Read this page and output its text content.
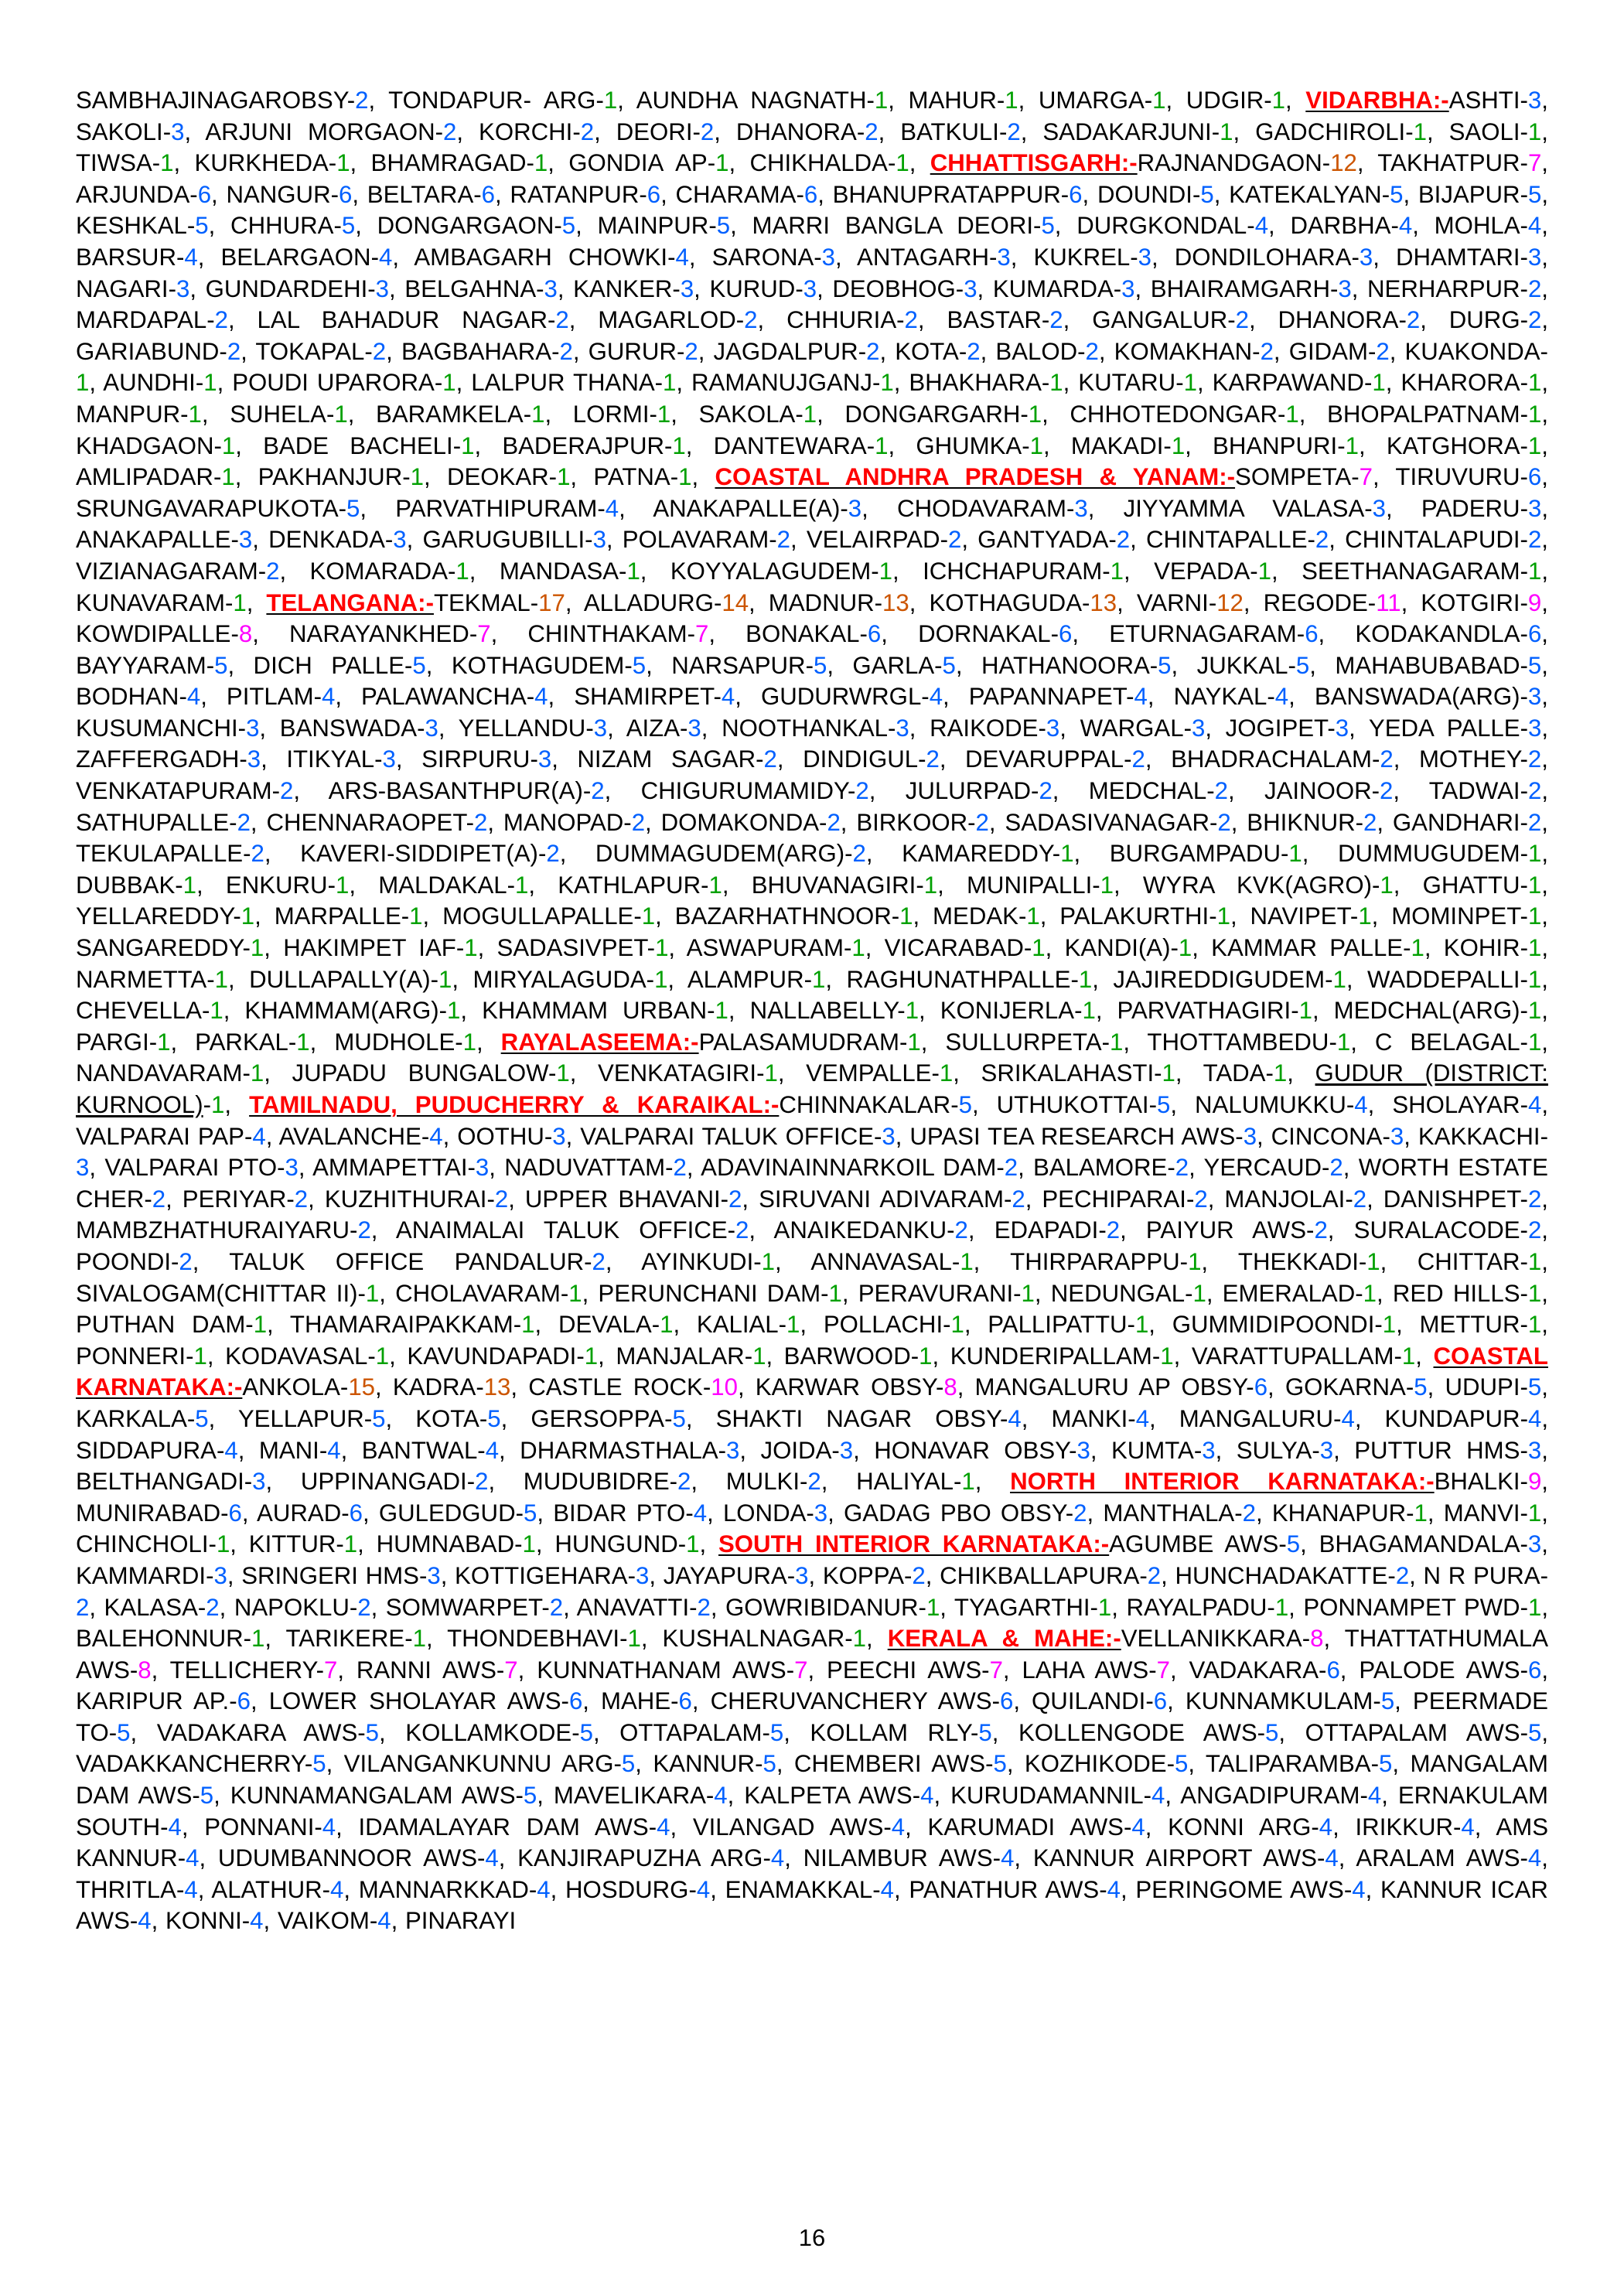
SAMBHAJINAGAROBSY-2, TONDAPUR- ARG-1, AUNDHA NAGNATH-1, MAHUR-1, UMARGA-1, UDGIR-1, VIDARBHA:-ASHTI-3, SAKOLI-3, ARJUNI MORGAON-2, KORCHI-2, DEORI-2, DHANORA-2, BATKULI-2, SADAKARJUNI-1, GADCHIROLI-1, SAOLI-1, TIWSA-1, KURKHEDA-1, BHAMRAGAD-1, GONDIA AP-1, CHIKHALDA-1, CHHATTISGARH:-RAJNANDGAON-12, TAKHATPUR-7, ARJUNDA-6, NANGUR-6, BELTARA-6, RATANPUR-6, CHARAMA-6, BHANUPRATAPPUR-6, DOUNDI-5, KATEKALYAN-5, BIJAPUR-5, KESHKAL-5, CHHURA-5, DONGARGAON-5, MAINPUR-5, MARRI BANGLA DEORI-5, DURGKONDAL-4, DARBHA-4, MOHLA-4, BARSUR-4, BELARGAON-4, AMBAGARH CHOWKI-4, SARONA-3, ANTAGARH-3, KUKREL-3, DONDILOHARA-3, DHAMTARI-3, NAGARI-3, GUNDARDEHI-3, BELGAHNA-3, KANKER-3, KURUD-3, DEOBHOG-3, KUMARDA-3, BHAIRAMGARH-3, NERHARPUR-2, MARDAPAL-2, LAL BAHADUR NAGAR-2, MAGARLOD-2, CHHURIA-2, BASTAR-2, GANGALUR-2, DHANORA-2, DURG-2, GARIABUND-2, TOKAPAL-2, BAGBAHARA-2, GURUR-2, JAGDALPUR-2, KOTA-2, BALOD-2, KOMAKHAN-2, GIDAM-2, KUAKONDA-1, AUNDHI-1, POUDI UPARORA-1, LALPUR THANA-1, RAMANUJGANJ-1, BHAKHARA-1, KUTARU-1, KARPAWAND-1, KHARORA-1, MANPUR-1, SUHELA-1, BARAMKELA-1, LORMI-1, SAKOLA-1, DONGARGARH-1, CHHOTEDONGAR-1, BHOPALPATNAM-1, KHADGAON-1, BADE BACHELI-1, BADERAJPUR-1, DANTEWARA-1, GHUMKA-1, MAKADI-1, BHANPURI-1, KATGHORA-1, AMLIPADAR-1, PAKHANJUR-1, DEOKAR-1, PATNA-1, COASTAL ANDHRA PRADESH & YANAM:-SOMPETA-7, TIRUVURU-6, SRUNGAVARAPUKOTA-5, PARVATHIPURAM-4, ANAKAPALLE(A)-3, CHODAVARAM-3, JIYYAMMA VALASA-3, PADERU-3, ANAKAPALLE-3, DENKADA-3, GARUGUBILLI-3, POLAVARAM-2, VELAIRPAD-2, GANTYADA-2, CHINTAPALLE-2, CHINTALAPUDI-2, VIZIANAGARAM-2, KOMARADA-1, MANDASA-1, KOYYALAGUDEM-1, ICHCHAPURAM-1, VEPADA-1, SEETHANAGARAM-1, KUNAVARAM-1, TELANGANA:-TEKMAL-17, ALLADURG-14, MADNUR-13, KOTHAGUDA-13, VARNI-12, REGODE-11, KOTGIRI-9, KOWDIPALLE-8, NARAYANKHED-7, CHINTHAKAM-7, BONAKAL-6, DORNAKAL-6, ETURNAGARAM-6, KODAKANDLA-6, BAYYARAM-5, DICH PALLE-5, KOTHAGUDEM-5, NARSAPUR-5, GARLA-5, HATHANOORA-5, JUKKAL-5, MAHABUBABAD-5, BODHAN-4, PITLAM-4, PALAWANCHA-4, SHAMIRPET-4, GUDURWRGL-4, PAPANNAPET-4, NAYKAL-4, BANSWADA(ARG)-3, KUSUMANCHI-3, BANSWADA-3, YELLANDU-3, AIZA-3, NOOTHANKAL-3, RAIKODE-3, WARGAL-3, JOGIPET-3, YEDA PALLE-3, ZAFFERGADH-3, ITIKYAL-3, SIRPURU-3, NIZAM SAGAR-2, DINDIGUL-2, DEVARUPPAL-2, BHADRACHALAM-2, MOTHEY-2, VENKATAPURAM-2, ARS-BASANTHPUR(A)-2, CHIGURUMAMIDY-2, JULURPAD-2, MEDCHAL-2, JAINOOR-2, TADWAI-2, SATHUPALLE-2, CHENNARAOPET-2, MANOPAD-2, DOMAKONDA-2, BIRKOOR-2, SADASIVANAGAR-2, BHIKNUR-2, GANDHARI-2, TEKULAPALLE-2, KAVERI-SIDDIPET(A)-2, DUMMAGUDEM(ARG)-2, KAMAREDDY-1, BURGAMPADU-1, DUMMUGUDEM-1, DUBBAK-1, ENKURU-1, MALDAKAL-1, KATHLAPUR-1, BHUVANAGIRI-1, MUNIPALLI-1, WYRA KVK(AGRO)-1, GHATTU-1, YELLAREDDY-1, MARPALLE-1, MOGULLAPALLE-1, BAZARHATHNOOR-1, MEDAK-1, PALAKURTHI-1, NAVIPET-1, MOMINPET-1, SANGAREDDY-1, HAKIMPET IAF-1, SADASIVPET-1, ASWAPURAM-1, VICARABAD-1, KANDI(A)-1, KAMMAR PALLE-1, KOHIR-1, NARMETTA-1, DULLAPALLY(A)-1, MIRYALAGUDA-1, ALAMPUR-1, RAGHUNATHPALLE-1, JAJIREDDIGUDEM-1, WADDEPALLI-1, CHEVELLA-1, KHAMMAM(ARG)-1, KHAMMAM URBAN-1, NALLABELLY-1, KONIJERLA-1, PARVATHAGIRI-1, MEDCHAL(ARG)-1, PARGI-1, PARKAL-1, MUDHOLE-1, RAYALASEEMA:-PALASAMUDRAM-1, SULLURPETA-1, THOTTAMBEDU-1, C BELAGAL-1, NANDAVARAM-1, JUPADU BUNGALOW-1, VENKATAGIRI-1, VEMPALLE-1, SRIKALAHASTI-1, TADA-1, GUDUR (DISTRICT: KURNOOL)-1, TAMILNADU, PUDUCHERRY & KARAIKAL:-CHINNAKALAR-5, UTHUKOTTAI-5, NALUMUKKU-4, SHOLAYAR-4, VALPARAI PAP-4, AVALANCHE-4, OOTHU-3, VALPARAI TALUK OFFICE-3, UPASI TEA RESEARCH AWS-3, CINCONA-3, KAKKACHI-3, VALPARAI PTO-3, AMMAPETTAI-3, NADUVATTAM-2, ADAVINAINNARKOIL DAM-2, BALAMORE-2, YERCAUD-2, WORTH ESTATE CHER-2, PERIYAR-2, KUZHITHURAI-2, UPPER BHAVANI-2, SIRUVANI ADIVARAM-2, PECHIPARAI-2, MANJOLAI-2, DANISHPET-2, MAMBZHATHURAIYARU-2, ANAIMALAI TALUK OFFICE-2, ANAIKEDANKU-2, EDAPADI-2, PAIYUR AWS-2, SURALACODE-2, POONDI-2, TALUK OFFICE PANDALUR-2, AYINKUDI-1, ANNAVASAL-1, THIRPARAPPU-1, THEKKADI-1, CHITTAR-1, SIVALOGAM(CHITTAR II)-1, CHOLAVARAM-1, PERUNCHANI DAM-1, PERAVURANI-1, NEDUNGAL-1, EMERALAD-1, RED HILLS-1, PUTHAN DAM-1, THAMARAIPAKKAM-1, DEVALA-1, KALIAL-1, POLLACHI-1, PALLIPATTU-1, GUMMIDIPOONDI-1, METTUR-1, PONNERI-1, KODAVASAL-1, KAVUNDAPADI-1, MANJALAR-1, BARWOOD-1, KUNDERIPALLAM-1, VARATTUPALLAM-1, COASTAL KARNATAKA:-ANKOLA-15, KADRA-13, CASTLE ROCK-10, KARWAR OBSY-8, MANGALURU AP OBSY-6, GOKARNA-5, UDUPI-5, KARKALA-5, YELLAPUR-5, KOTA-5, GERSOPPA-5, SHAKTI NAGAR OBSY-4, MANKI-4, MANGALURU-4, KUNDAPUR-4, SIDDAPURA-4, MANI-4, BANTWAL-4, DHARMASTHALA-3, JOIDA-3, HONAVAR OBSY-3, KUMTA-3, SULYA-3, PUTTUR HMS-3, BELTHANGADI-3, UPPINANGADI-2, MUDUBIDRE-2, MULKI-2, HALIYAL-1, NORTH INTERIOR KARNATAKA:-BHALKI-9, MUNIRABAD-6, AURAD-6, GULEDGUD-5, BIDAR PTO-4, LONDA-3, GADAG PBO OBSY-2, MANTHALA-2, KHANAPUR-1, MANVI-1, CHINCHOLI-1, KITTUR-1, HUMNABAD-1, HUNGUND-1, SOUTH INTERIOR KARNATAKA:-AGUMBE AWS-5, BHAGAMANDALA-3, KAMMARDI-3, SRINGERI HMS-3, KOTTIGEHARA-3, JAYAPURA-3, KOPPA-2, CHIKBALLAPURA-2, HUNCHADAKATTE-2, N R PURA-2, KALASA-2, NAPOKLU-2, SOMWARPET-2, ANAVATTI-2, GOWRIBIDANUR-1, TYAGARTHI-1, RAYALPADU-1, PONNAMPET PWD-1, BALEHONNUR-1, TARIKERE-1, THONDEBHAVI-1, KUSHALNAGAR-1, KERALA & MAHE:-VELLANIKKARA-8, THATTATHUMALA AWS-8, TELLICHERY-7, RANNI AWS-7, KUNNATHANAM AWS-7, PEECHI AWS-7, LAHA AWS-7, VADAKARA-6, PALODE AWS-6, KARIPUR AP.-6, LOWER SHOLAYAR AWS-6, MAHE-6, CHERUVANCHERY AWS-6, QUILANDI-6, KUNNAMKULAM-5, PEERMADE TO-5, VADAKARA AWS-5, KOLLAMKODE-5, OTTAPALAM-5, KOLLAM RLY-5, KOLLENGODE AWS-5, OTTAPALAM AWS-5, VADAKKANCHERRY-5, VILANGANKUNNU ARG-5, KANNUR-5, CHEMBERI AWS-5, KOZHIKODE-5, TALIPARAMBA-5, MANGALAM DAM AWS-5, KUNNAMANGALAM AWS-5, MAVELIKARA-4, KALPETA AWS-4, KURUDAMANNIL-4, ANGADIPURAM-4, ERNAKULAM SOUTH-4, PONNANI-4, IDAMALAYAR DAM AWS-4, VILANGAD AWS-4, KARUMADI AWS-4, KONNI ARG-4, IRIKKUR-4, AMS KANNUR-4, UDUMBANNOOR AWS-4, KANJIRAPUZHA ARG-4, NILAMBUR AWS-4, KANNUR AIRPORT AWS-4, ARALAM AWS-4, THRITLA-4, ALATHUR-4, MANNARKKAD-4, HOSDURG-4, ENAMAKKAL-4, PANATHUR AWS-4, PERINGOME AWS-4, KANNUR ICAR AWS-4, KONNI-4, VAIKOM-4, PINARAYI
16
